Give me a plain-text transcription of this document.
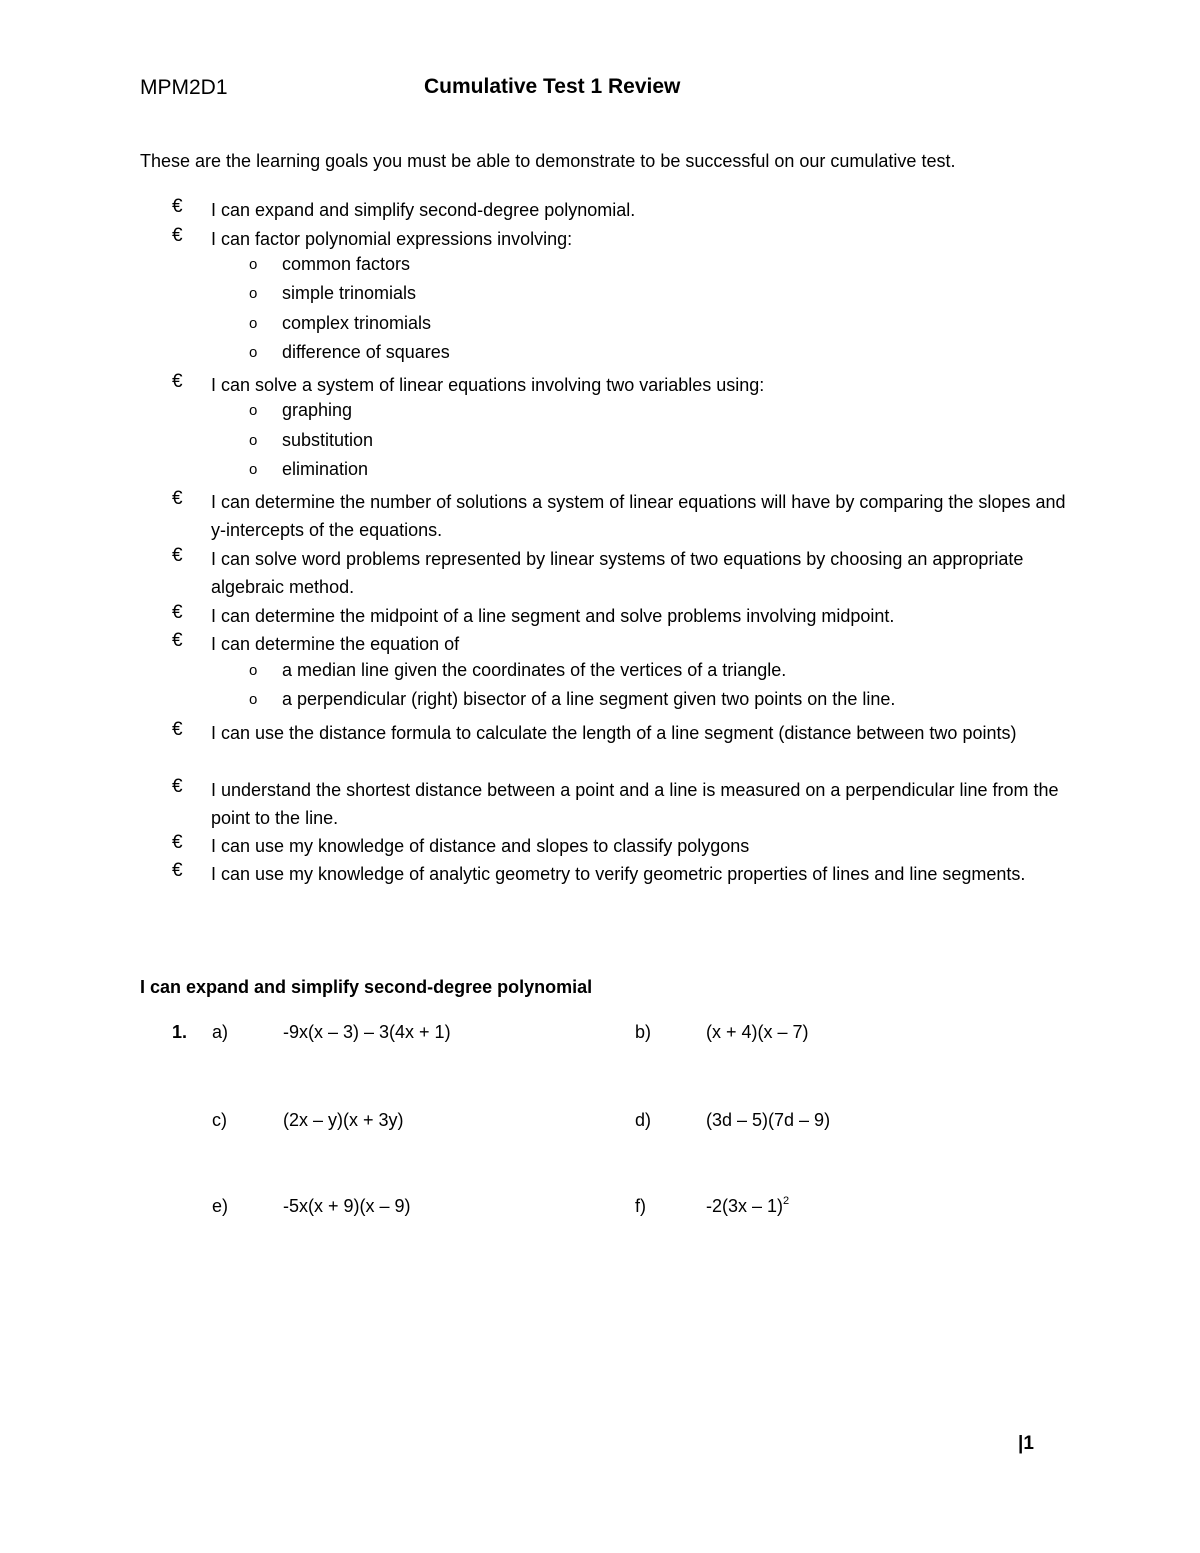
MPM2D1	Cumulative Test 1 Review
These are the learning goals you must be able to demonstrate to be successful on our cumulative test.
€ I can expand and simplify second-degree polynomial.
€ I can factor polynomial expressions involving:
o common factors
o simple trinomials
o complex trinomials
o difference of squares
€ I can solve a system of linear equations involving two variables using:
o graphing
o substitution
o elimination
€ I can determine the number of solutions a system of linear equations will have by comparing the slopes and y-intercepts of the equations.
€ I can solve word problems represented by linear systems of two equations by choosing an appropriate algebraic method.
€ I can determine the midpoint of a line segment and solve problems involving midpoint.
€ I can determine the equation of
o a median line given the coordinates of the vertices of a triangle.
o a perpendicular (right) bisector of a line segment given two points on the line.
€ I can use the distance formula to calculate the length of a line segment (distance between two points)
€ I understand the shortest distance between a point and a line is measured on a perpendicular line from the point to the line.
€ I can use my knowledge of distance and slopes to classify polygons
€ I can use my knowledge of analytic geometry to verify geometric properties of lines and line segments.
I can expand and simplify second-degree polynomial
1. a)	-9x(x – 3) – 3(4x + 1)	b)	(x + 4)(x – 7)
c)	(2x – y)(x + 3y)	d)	(3d – 5)(7d – 9)
e)	-5x(x + 9)(x – 9)	f)	-2(3x – 1)$^2$
|1
